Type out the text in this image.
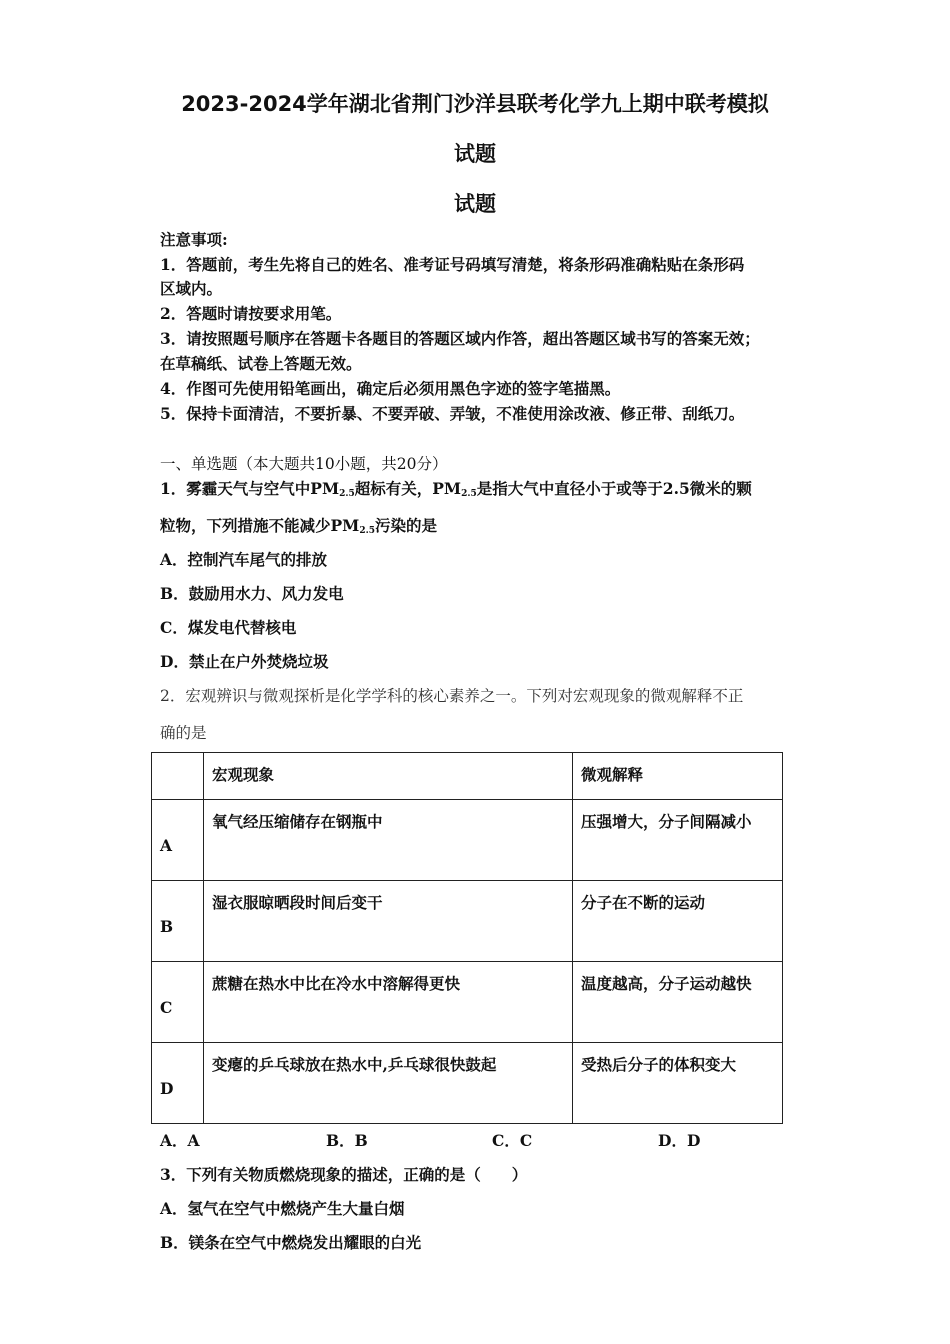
2023-2024学年湖北省荆门沙洋县联考化学九上期中联考模拟
试题
试题
注意事项:
1．答题前，考生先将自己的姓名、准考证号码填写清楚，将条形码准确粘贴在条形码
区域内。
2．答题时请按要求用笔。
3．请按照题号顺序在答题卡各题目的答题区域内作答，超出答题区域书写的答案无效；
在草稿纸、试卷上答题无效。
4．作图可先使用铅笔画出，确定后必须用黑色字迹的签字笔描黑。
5．保持卡面清洁，不要折暴、不要弄破、弄皱，不准使用涂改液、修正带、刮纸刀。
一、单选题（本大题共10小题，共20分）
1．雾霾天气与空气中$PM_{2.5}$超标有关，$PM_{2.5}$是指大气中直径小于或等于2.5微米的颗
粒物，下列措施不能减少$PM_{2.5}$污染的是
A．控制汽车尾气的排放
B．鼓励用水力、风力发电
C．煤发电代替核电
D．禁止在户外焚烧垃圾
2．宏观辨识与微观探析是化学学科的核心素养之一。下列对宏观现象的微观解释不正
确的是
	宏观现象	微观解释
A	氧气经压缩储存在钢瓶中	压强增大，分子间隔减小
B	湿衣服晾晒段时间后变干	分子在不断的运动
C	蔗糖在热水中比在冷水中溶解得更快	温度越高，分子运动越快
D	变瘪的乒乓球放在热水中,乒乓球很快鼓起	受热后分子的体积变大
A．A	B．B	C．C	D．D
3．下列有关物质燃烧现象的描述，正确的是（　　）
A．氢气在空气中燃烧产生大量白烟
B．镁条在空气中燃烧发出耀眼的白光
